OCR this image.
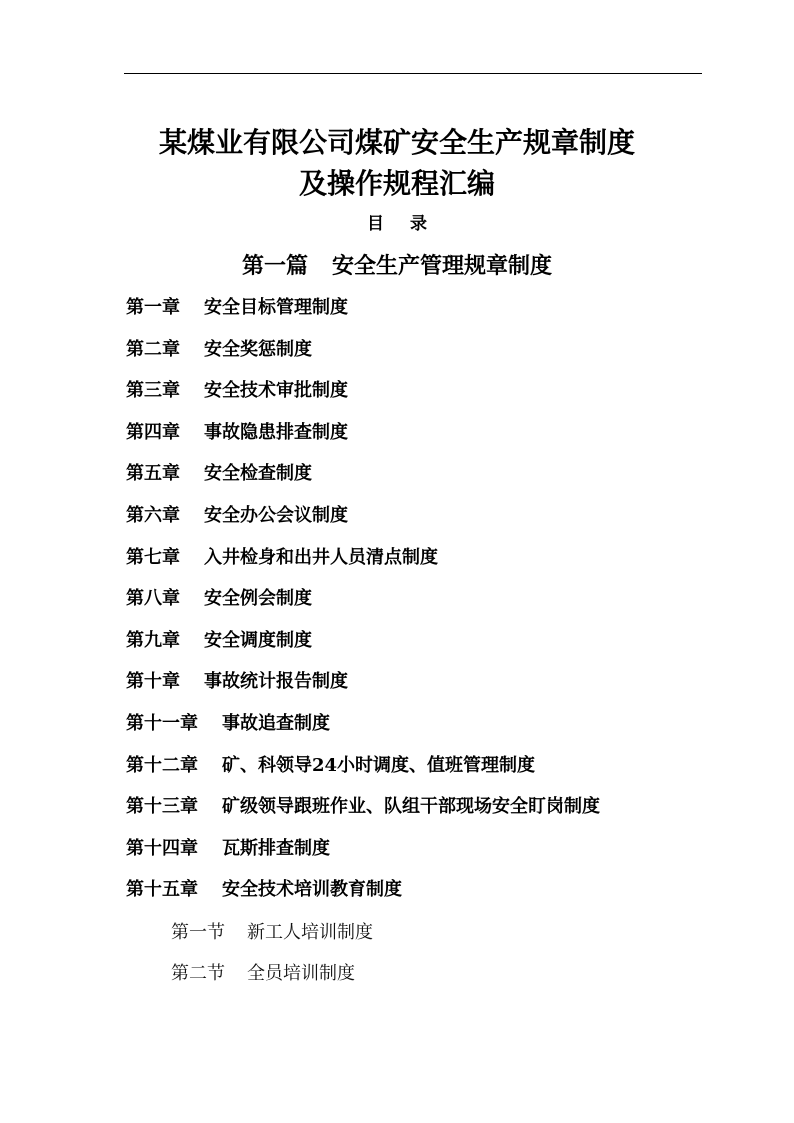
某煤业有限公司煤矿安全生产规章制度
及操作规程汇编
目 录
第一篇 安全生产管理规章制度
第一章 安全目标管理制度
第二章 安全奖惩制度
第三章 安全技术审批制度
第四章 事故隐患排查制度
第五章 安全检查制度
第六章 安全办公会议制度
第七章 入井检身和出井人员清点制度
第八章 安全例会制度
第九章 安全调度制度
第十章 事故统计报告制度
第十一章 事故追查制度
第十二章 矿、科领导24小时调度、值班管理制度
第十三章 矿级领导跟班作业、队组干部现场安全盯岗制度
第十四章 瓦斯排查制度
第十五章 安全技术培训教育制度
第一节 新工人培训制度
第二节 全员培训制度
